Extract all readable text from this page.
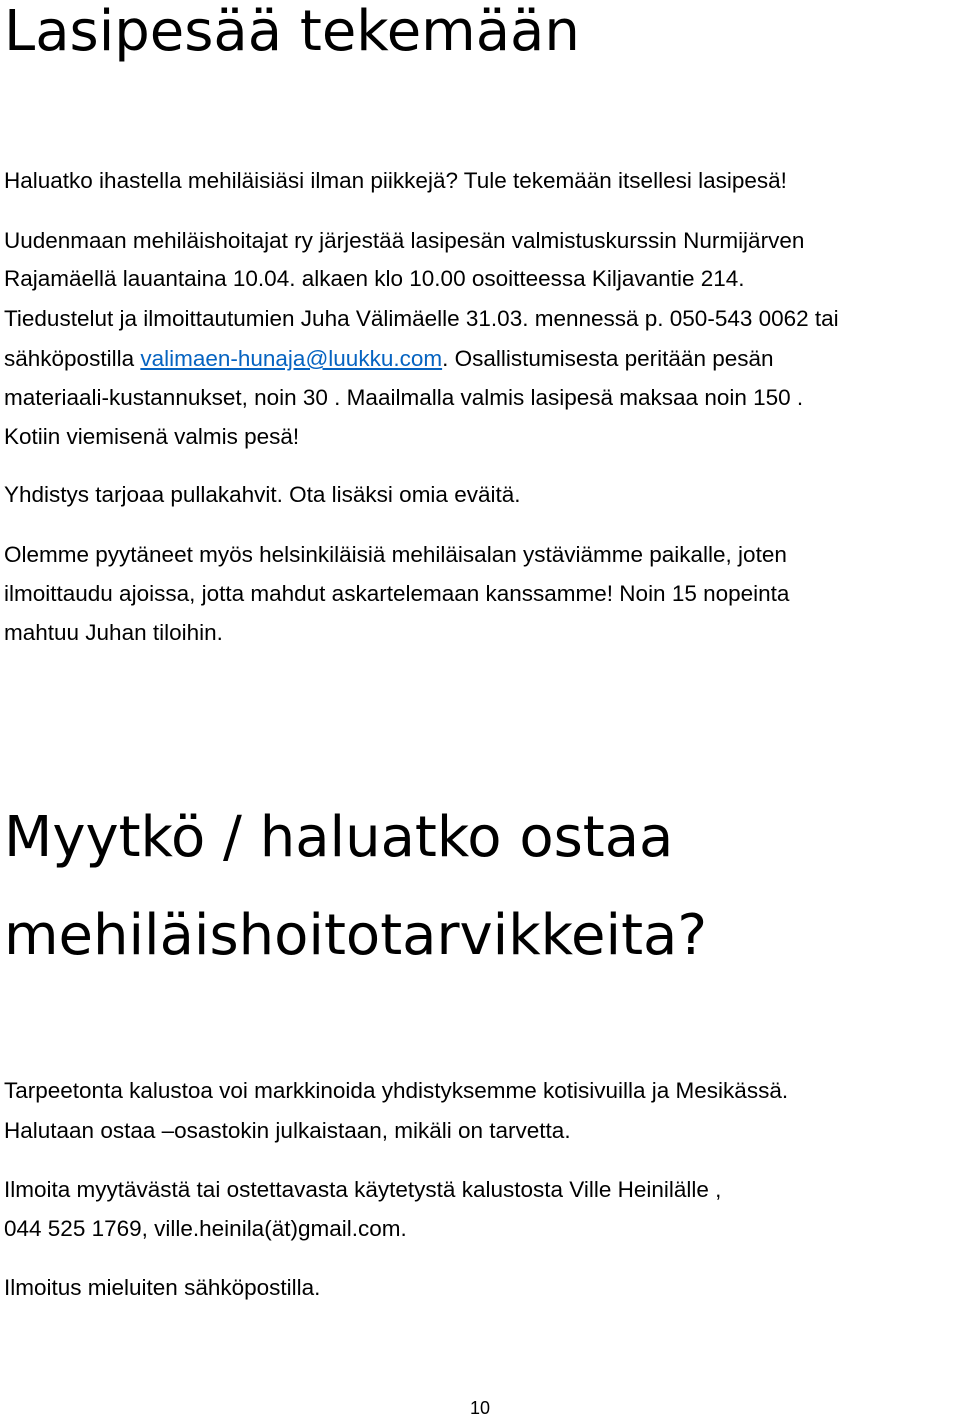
Lasipesää tekemään

Haluatko ihastella mehiläisiäsi ilman piikkejä? Tule tekemään itsellesi lasipesä!

Uudenmaan mehiläishoitajat ry järjestää lasipesän valmistuskurssin Nurmijärven

Rajamäellä lauantaina 10.04. alkaen klo 10.00 osoitteessa Kiljavantie 214.

Tiedustelut ja ilmoittautumien Juha Välimäelle 31.03. mennessä p. 050-543 0062 tai

sähköpostilla valimaen-hunaja@luukku.com. Osallistumisesta peritään pesän

materiaali-kustannukset, noin 30 . Maailmalla valmis lasipesä maksaa noin 150 .

Kotiin viemisenä valmis pesä!

Yhdistys tarjoaa pullakahvit. Ota lisäksi omia eväitä.

Olemme pyytäneet myös helsinkiläisiä mehiläisalan ystäviämme paikalle, joten

ilmoittaudu ajoissa, jotta mahdut askartelemaan kanssamme! Noin 15 nopeinta

mahtuu Juhan tiloihin.

Myytkö / haluatko ostaa
mehiläishoitotarvikkeita?

Tarpeetonta kalustoa voi markkinoida yhdistyksemme kotisivuilla ja Mesikässä.

Halutaan ostaa –osastokin julkaistaan, mikäli on tarvetta.

Ilmoita myytävästä tai ostettavasta käytetystä kalustosta Ville Heinilälle ,

044 525 1769, ville.heinila(ät)gmail.com.

Ilmoitus mieluiten sähköpostilla.

10
